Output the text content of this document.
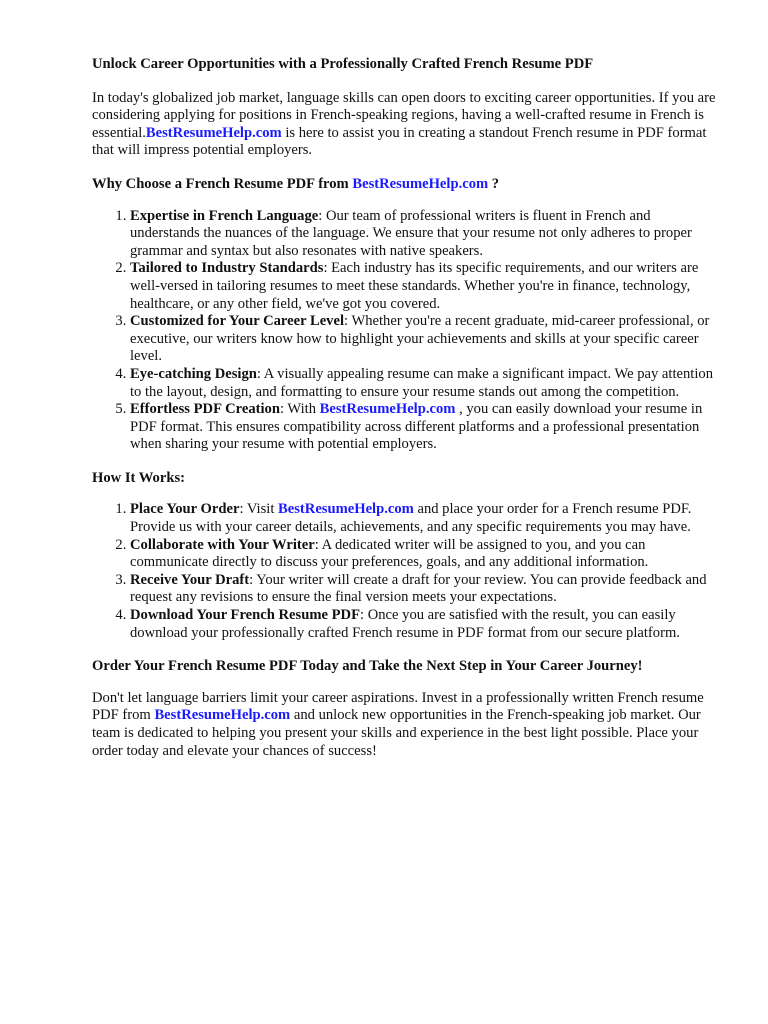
Unlock Career Opportunities with a Professionally Crafted French Resume PDF

In today's globalized job market, language skills can open doors to exciting career opportunities. If you are considering applying for positions in French-speaking regions, having a well-crafted resume in French is essential.BestResumeHelp.com is here to assist you in creating a standout French resume in PDF format that will impress potential employers.

Why Choose a French Resume PDF from BestResumeHelp.com ?
1. Expertise in French Language: Our team of professional writers is fluent in French and understands the nuances of the language. We ensure that your resume not only adheres to proper grammar and syntax but also resonates with native speakers.
2. Tailored to Industry Standards: Each industry has its specific requirements, and our writers are well-versed in tailoring resumes to meet these standards. Whether you're in finance, technology, healthcare, or any other field, we've got you covered.
3. Customized for Your Career Level: Whether you're a recent graduate, mid-career professional, or executive, our writers know how to highlight your achievements and skills at your specific career level.
4. Eye-catching Design: A visually appealing resume can make a significant impact. We pay attention to the layout, design, and formatting to ensure your resume stands out among the competition.
5. Effortless PDF Creation: With BestResumeHelp.com , you can easily download your resume in PDF format. This ensures compatibility across different platforms and a professional presentation when sharing your resume with potential employers.
How It Works:
1. Place Your Order: Visit BestResumeHelp.com and place your order for a French resume PDF. Provide us with your career details, achievements, and any specific requirements you may have.
2. Collaborate with Your Writer: A dedicated writer will be assigned to you, and you can communicate directly to discuss your preferences, goals, and any additional information.
3. Receive Your Draft: Your writer will create a draft for your review. You can provide feedback and request any revisions to ensure the final version meets your expectations.
4. Download Your French Resume PDF: Once you are satisfied with the result, you can easily download your professionally crafted French resume in PDF format from our secure platform.
Order Your French Resume PDF Today and Take the Next Step in Your Career Journey!

Don't let language barriers limit your career aspirations. Invest in a professionally written French resume PDF from BestResumeHelp.com and unlock new opportunities in the French-speaking job market. Our team is dedicated to helping you present your skills and experience in the best light possible. Place your order today and elevate your chances of success!
